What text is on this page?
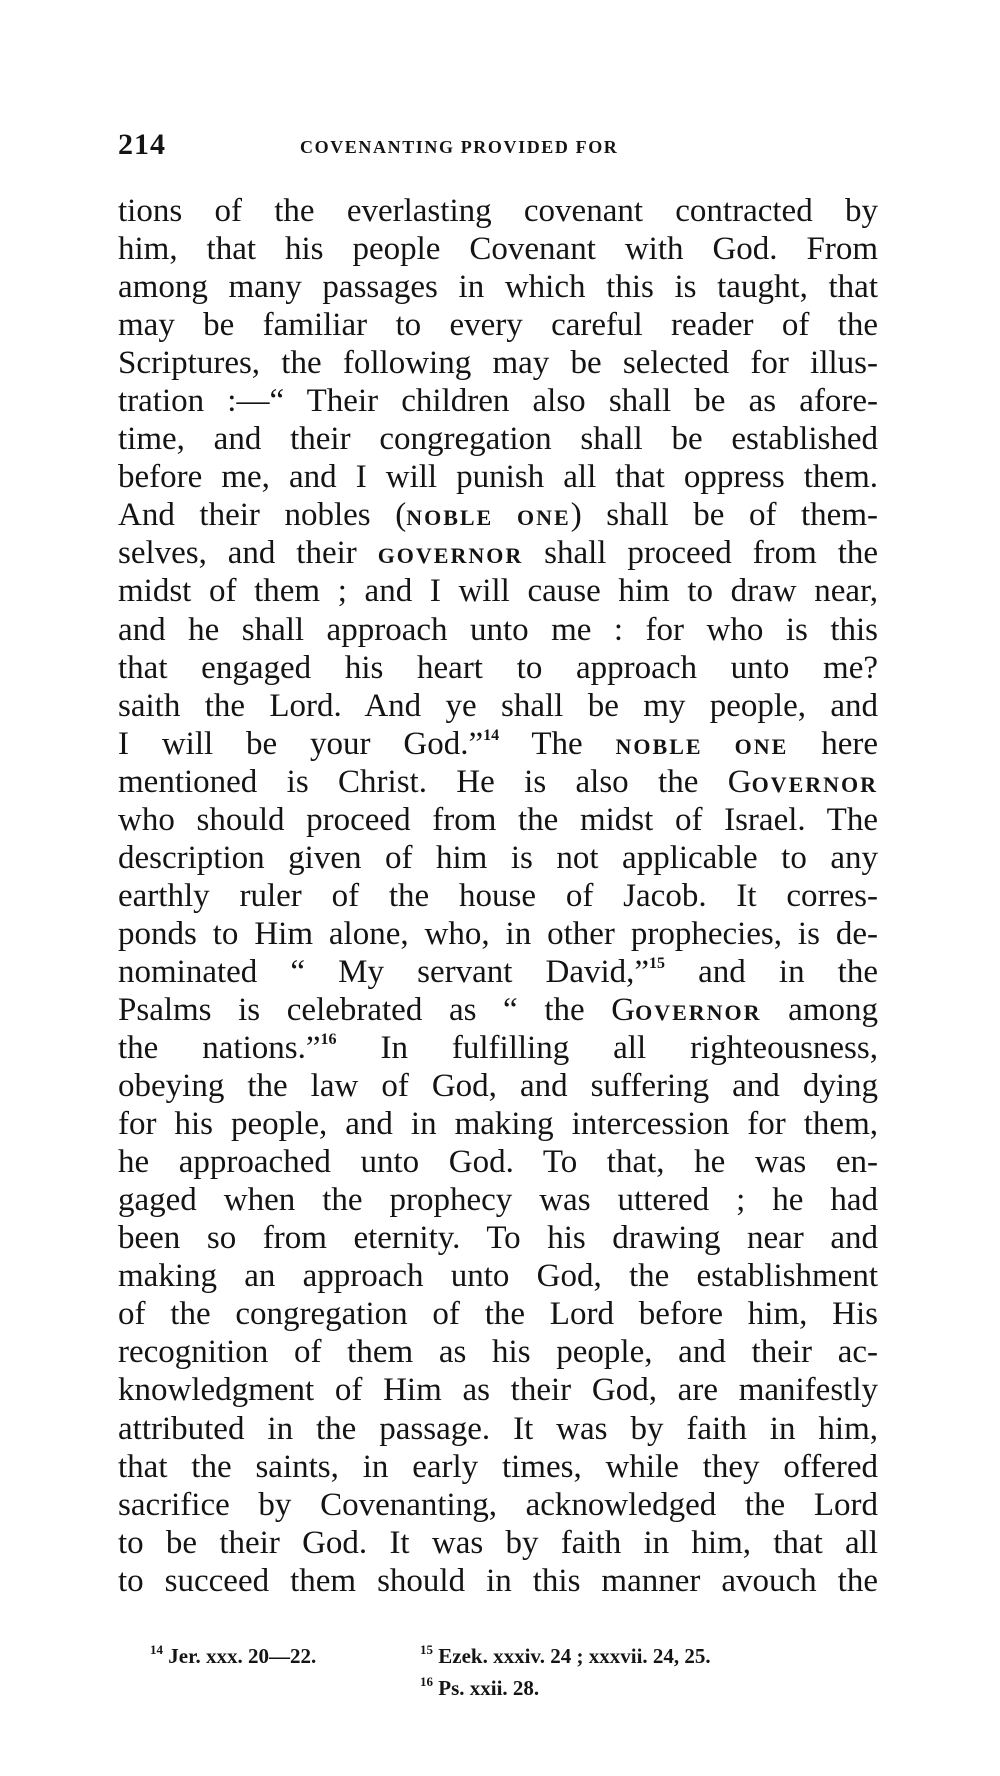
214	COVENANTING PROVIDED FOR
tions of the everlasting covenant contracted by
him, that his people Covenant with God. From
among many passages in which this is taught, that
may be familiar to every careful reader of the
Scriptures, the following may be selected for illus-
tration :—“ Their children also shall be as afore-
time, and their congregation shall be established
before me, and I will punish all that oppress them.
And their nobles (NOBLE ONE) shall be of them-
selves, and their GOVERNOR shall proceed from the
midst of them ; and I will cause him to draw near,
and he shall approach unto me : for who is this
that engaged his heart to approach unto me?
saith the Lord. And ye shall be my people, and
I will be your God.”$^{14}$ The NOBLE ONE here
mentioned is Christ. He is also the GOVERNOR
who should proceed from the midst of Israel. The
description given of him is not applicable to any
earthly ruler of the house of Jacob. It corres-
ponds to Him alone, who, in other prophecies, is de-
nominated “ My servant David,”$^{15}$ and in the
Psalms is celebrated as “ the GOVERNOR among
the nations.”$^{16}$ In fulfilling all righteousness,
obeying the law of God, and suffering and dying
for his people, and in making intercession for them,
he approached unto God. To that, he was en-
gaged when the prophecy was uttered ; he had
been so from eternity. To his drawing near and
making an approach unto God, the establishment
of the congregation of the Lord before him, His
recognition of them as his people, and their ac-
knowledgment of Him as their God, are manifestly
attributed in the passage. It was by faith in him,
that the saints, in early times, while they offered
sacrifice by Covenanting, acknowledged the Lord
to be their God. It was by faith in him, that all
to succeed them should in this manner avouch the
$^{14}$ Jer. xxx. 20—22.	$^{15}$ Ezek. xxxiv. 24 ; xxxvii. 24, 25.
$^{16}$ Ps. xxii. 28.
